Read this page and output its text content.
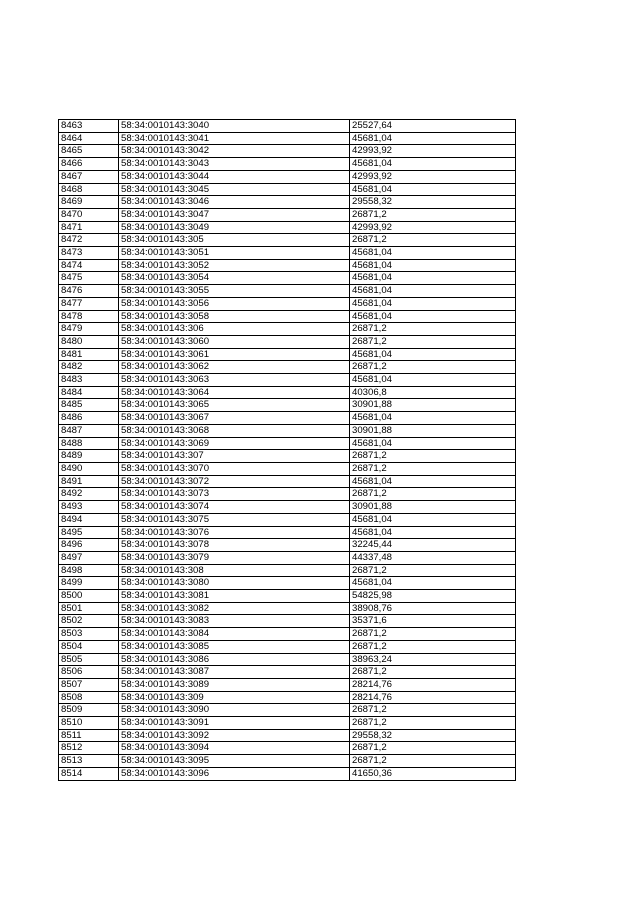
8463	58:34:0010143:3040	25527,64
8464	58:34:0010143:3041	45681,04
8465	58:34:0010143:3042	42993,92
8466	58:34:0010143:3043	45681,04
8467	58:34:0010143:3044	42993,92
8468	58:34:0010143:3045	45681,04
8469	58:34:0010143:3046	29558,32
8470	58:34:0010143:3047	26871,2
8471	58:34:0010143:3049	42993,92
8472	58:34:0010143:305	26871,2
8473	58:34:0010143:3051	45681,04
8474	58:34:0010143:3052	45681,04
8475	58:34:0010143:3054	45681,04
8476	58:34:0010143:3055	45681,04
8477	58:34:0010143:3056	45681,04
8478	58:34:0010143:3058	45681,04
8479	58:34:0010143:306	26871,2
8480	58:34:0010143:3060	26871,2
8481	58:34:0010143:3061	45681,04
8482	58:34:0010143:3062	26871,2
8483	58:34:0010143:3063	45681,04
8484	58:34:0010143:3064	40306,8
8485	58:34:0010143:3065	30901,88
8486	58:34:0010143:3067	45681,04
8487	58:34:0010143:3068	30901,88
8488	58:34:0010143:3069	45681,04
8489	58:34:0010143:307	26871,2
8490	58:34:0010143:3070	26871,2
8491	58:34:0010143:3072	45681,04
8492	58:34:0010143:3073	26871,2
8493	58:34:0010143:3074	30901,88
8494	58:34:0010143:3075	45681,04
8495	58:34:0010143:3076	45681,04
8496	58:34:0010143:3078	32245,44
8497	58:34:0010143:3079	44337,48
8498	58:34:0010143:308	26871,2
8499	58:34:0010143:3080	45681,04
8500	58:34:0010143:3081	54825,98
8501	58:34:0010143:3082	38908,76
8502	58:34:0010143:3083	35371,6
8503	58:34:0010143:3084	26871,2
8504	58:34:0010143:3085	26871,2
8505	58:34:0010143:3086	38963,24
8506	58:34:0010143:3087	26871,2
8507	58:34:0010143:3089	28214,76
8508	58:34:0010143:309	28214,76
8509	58:34:0010143:3090	26871,2
8510	58:34:0010143:3091	26871,2
8511	58:34:0010143:3092	29558,32
8512	58:34:0010143:3094	26871,2
8513	58:34:0010143:3095	26871,2
8514	58:34:0010143:3096	41650,36
